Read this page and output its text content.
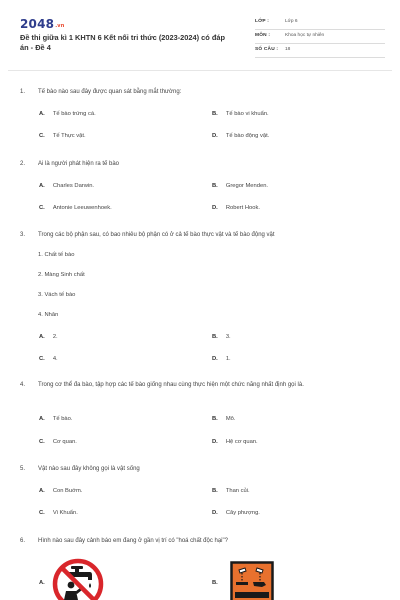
$2048^{.vn}$
Đề thi giữa kì 1 KHTN 6 Kết nối tri thức (2023-2024) có đáp án - Đề 4
LỚP :	Lớp 6
MÔN :	Khoa học tự nhiên
SỐ CÂU : 18
1. Tế bào nào sau đây được quan sát bằng mắt thường:
A. Tế bào trứng cá.	B. Tế bào vi khuẩn.
C. Tế Thực vật.	D. Tế bào động vật.
2. Ai là người phát hiện ra tế bào
A. Charles Darwin.	B. Gregor Menden.
C. Antonie Leeuwenhoek.	D. Robert Hook.
3. Trong các bộ phận sau, có bao nhiêu bộ phận có ở cả tế bào thực vật và tế bào động vật
1. Chất tế bào
2. Màng Sinh chất
3. Vách tế bào
4. Nhân
A. 2.	B. 3.
C. 4.	D. 1.
4. Trong cơ thể đa bào, tập hợp các tế bào giống nhau cùng thực hiện một chức năng nhất định gọi là.
A. Tế bào.	B. Mô.
C. Cơ quan.	D. Hệ cơ quan.
5. Vật nào sau đây không gọi là vật sống
A. Con Buớm.	B. Than củi.
C. Vi Khuẩn.	D. Cây phượng.
6. Hình nào sau đây cảnh báo em đang ở gần vị trí có "hoá chất độc hại"?
A.	B.
